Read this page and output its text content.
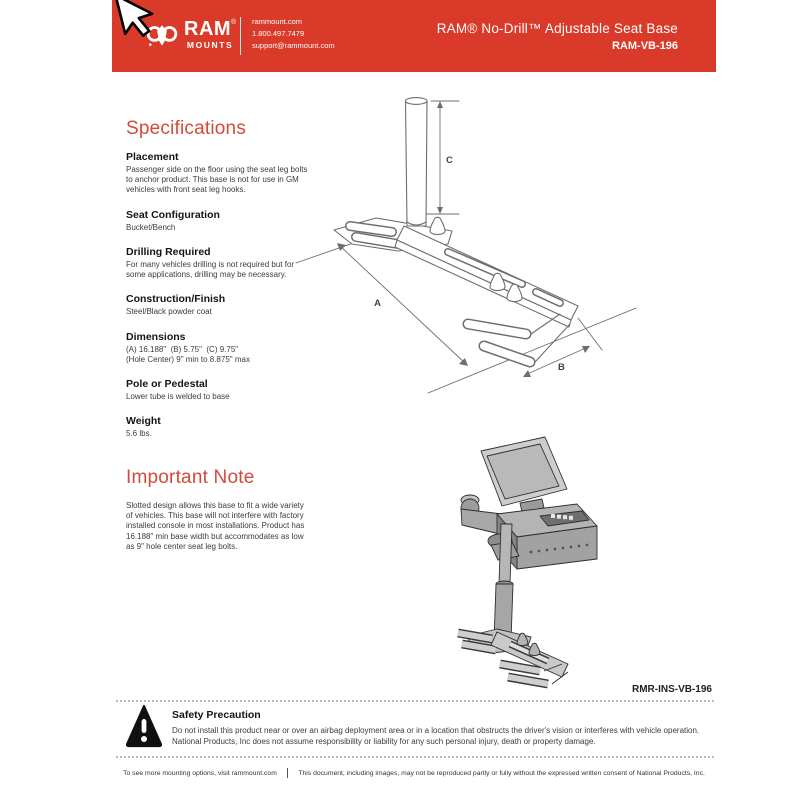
RAM®
MOUNTS
rammount.com
1.800.497.7479
support@rammount.com
RAM® No-Drill™ Adjustable Seat Base
RAM-VB-196
Specifications
Placement
Passenger side on the floor using the seat leg bolts to anchor product. This base is not for use in GM vehicles with front seat leg hooks.
Seat Configuration
Bucket/Bench
Drilling Required
For many vehicles drilling is not required but for some applications, drilling may be necessary.
Construction/Finish
Steel/Black powder coat
Dimensions
(A) 16.188"  (B) 5.75"  (C) 9.75"
(Hole Center) 9" min to 8.875" max
Pole or Pedestal
Lower tube is welded to base
Weight
5.6 lbs.
Important Note
Slotted design allows this base to fit a wide variety of vehicles. This base will not interfere with factory installed console in most installations. Product has 16.188" min base width but accommodates as low as 9" hole center seat leg bolts.
A
B
C
RMR-INS-VB-196
Safety Precaution
Do not install this product near or over an airbag deployment area or in a location that obstructs the driver's vision or interferes with vehicle operation. National Products, Inc does not assume responsibility or liability for any such personal injury, death or property damage.
To see more mounting options, visit rammount.com	This document, including images, may not be reproduced partly or fully without the expressed written consent of National Products, Inc.
